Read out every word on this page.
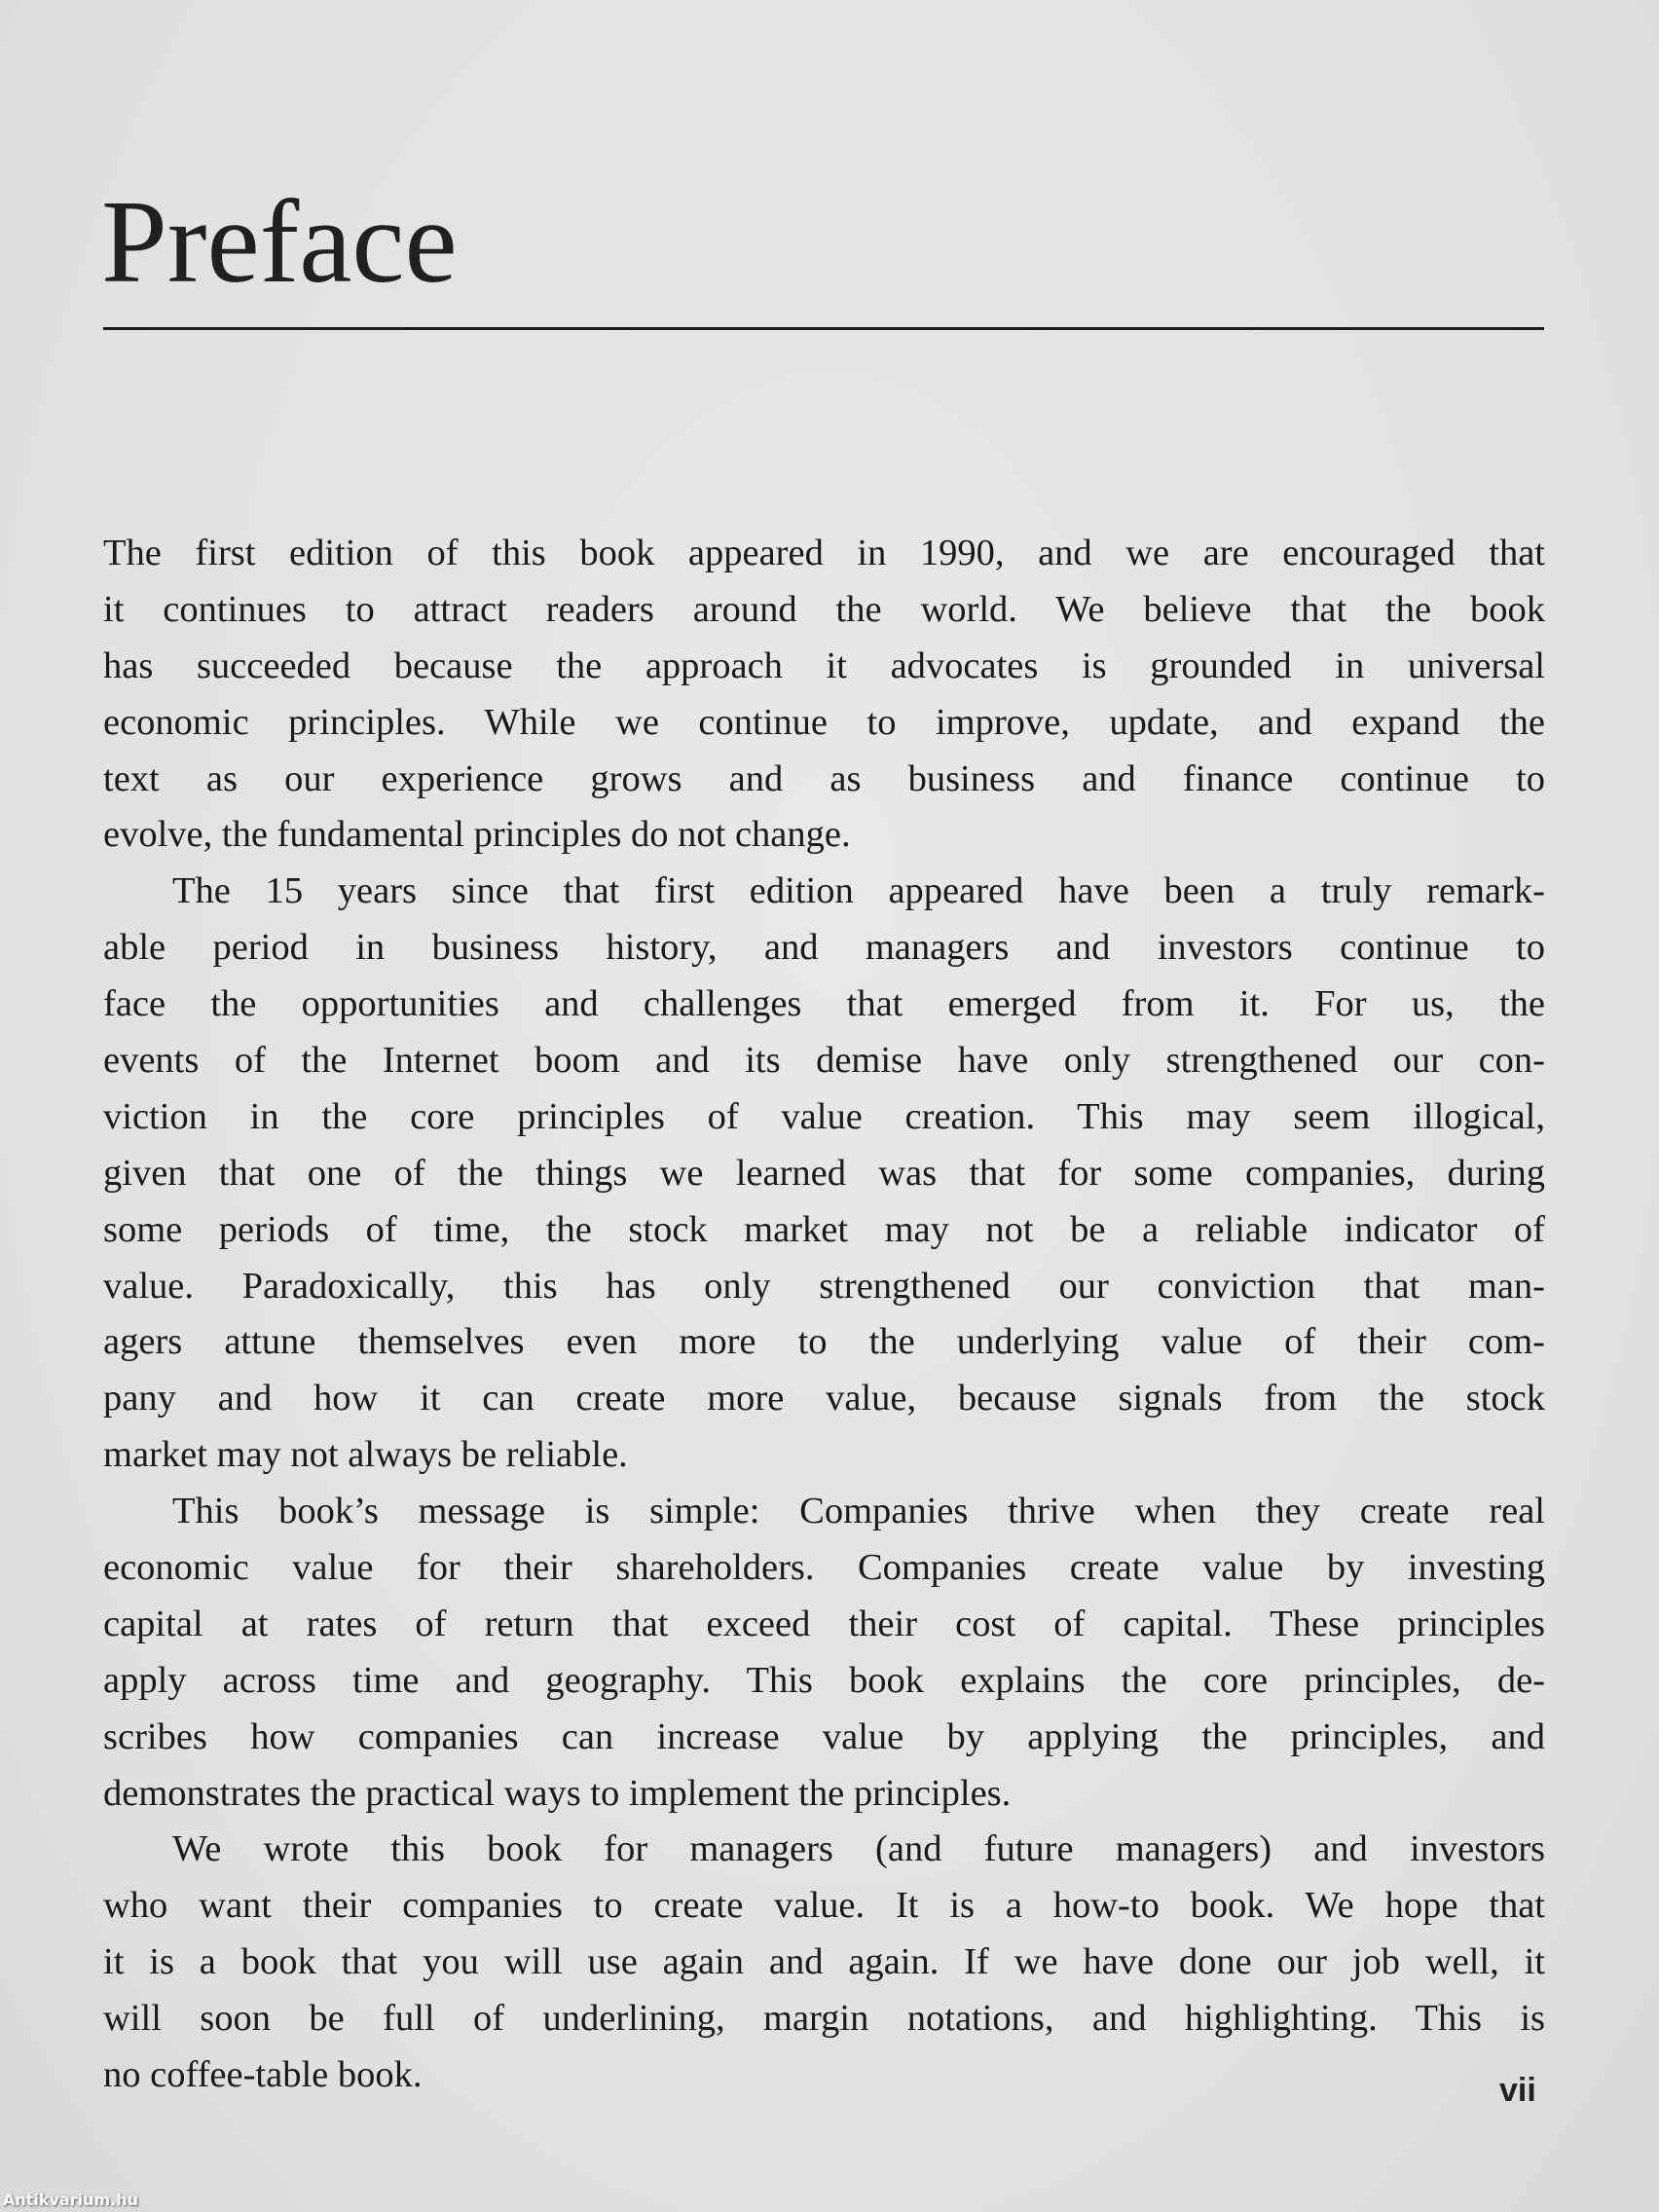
Preface
The first edition of this book appeared in 1990, and we are encouraged that
it continues to attract readers around the world. We believe that the book
has succeeded because the approach it advocates is grounded in universal
economic principles. While we continue to improve, update, and expand the
text as our experience grows and as business and finance continue to
evolve, the fundamental principles do not change.
The 15 years since that first edition appeared have been a truly remark-
able period in business history, and managers and investors continue to
face the opportunities and challenges that emerged from it. For us, the
events of the Internet boom and its demise have only strengthened our con-
viction in the core principles of value creation. This may seem illogical,
given that one of the things we learned was that for some companies, during
some periods of time, the stock market may not be a reliable indicator of
value. Paradoxically, this has only strengthened our conviction that man-
agers attune themselves even more to the underlying value of their com-
pany and how it can create more value, because signals from the stock
market may not always be reliable.
This book’s message is simple: Companies thrive when they create real
economic value for their shareholders. Companies create value by investing
capital at rates of return that exceed their cost of capital. These principles
apply across time and geography. This book explains the core principles, de-
scribes how companies can increase value by applying the principles, and
demonstrates the practical ways to implement the principles.
We wrote this book for managers (and future managers) and investors
who want their companies to create value. It is a how-to book. We hope that
it is a book that you will use again and again. If we have done our job well, it
will soon be full of underlining, margin notations, and highlighting. This is
no coffee-table book.	vii
Antikvarium.hu
